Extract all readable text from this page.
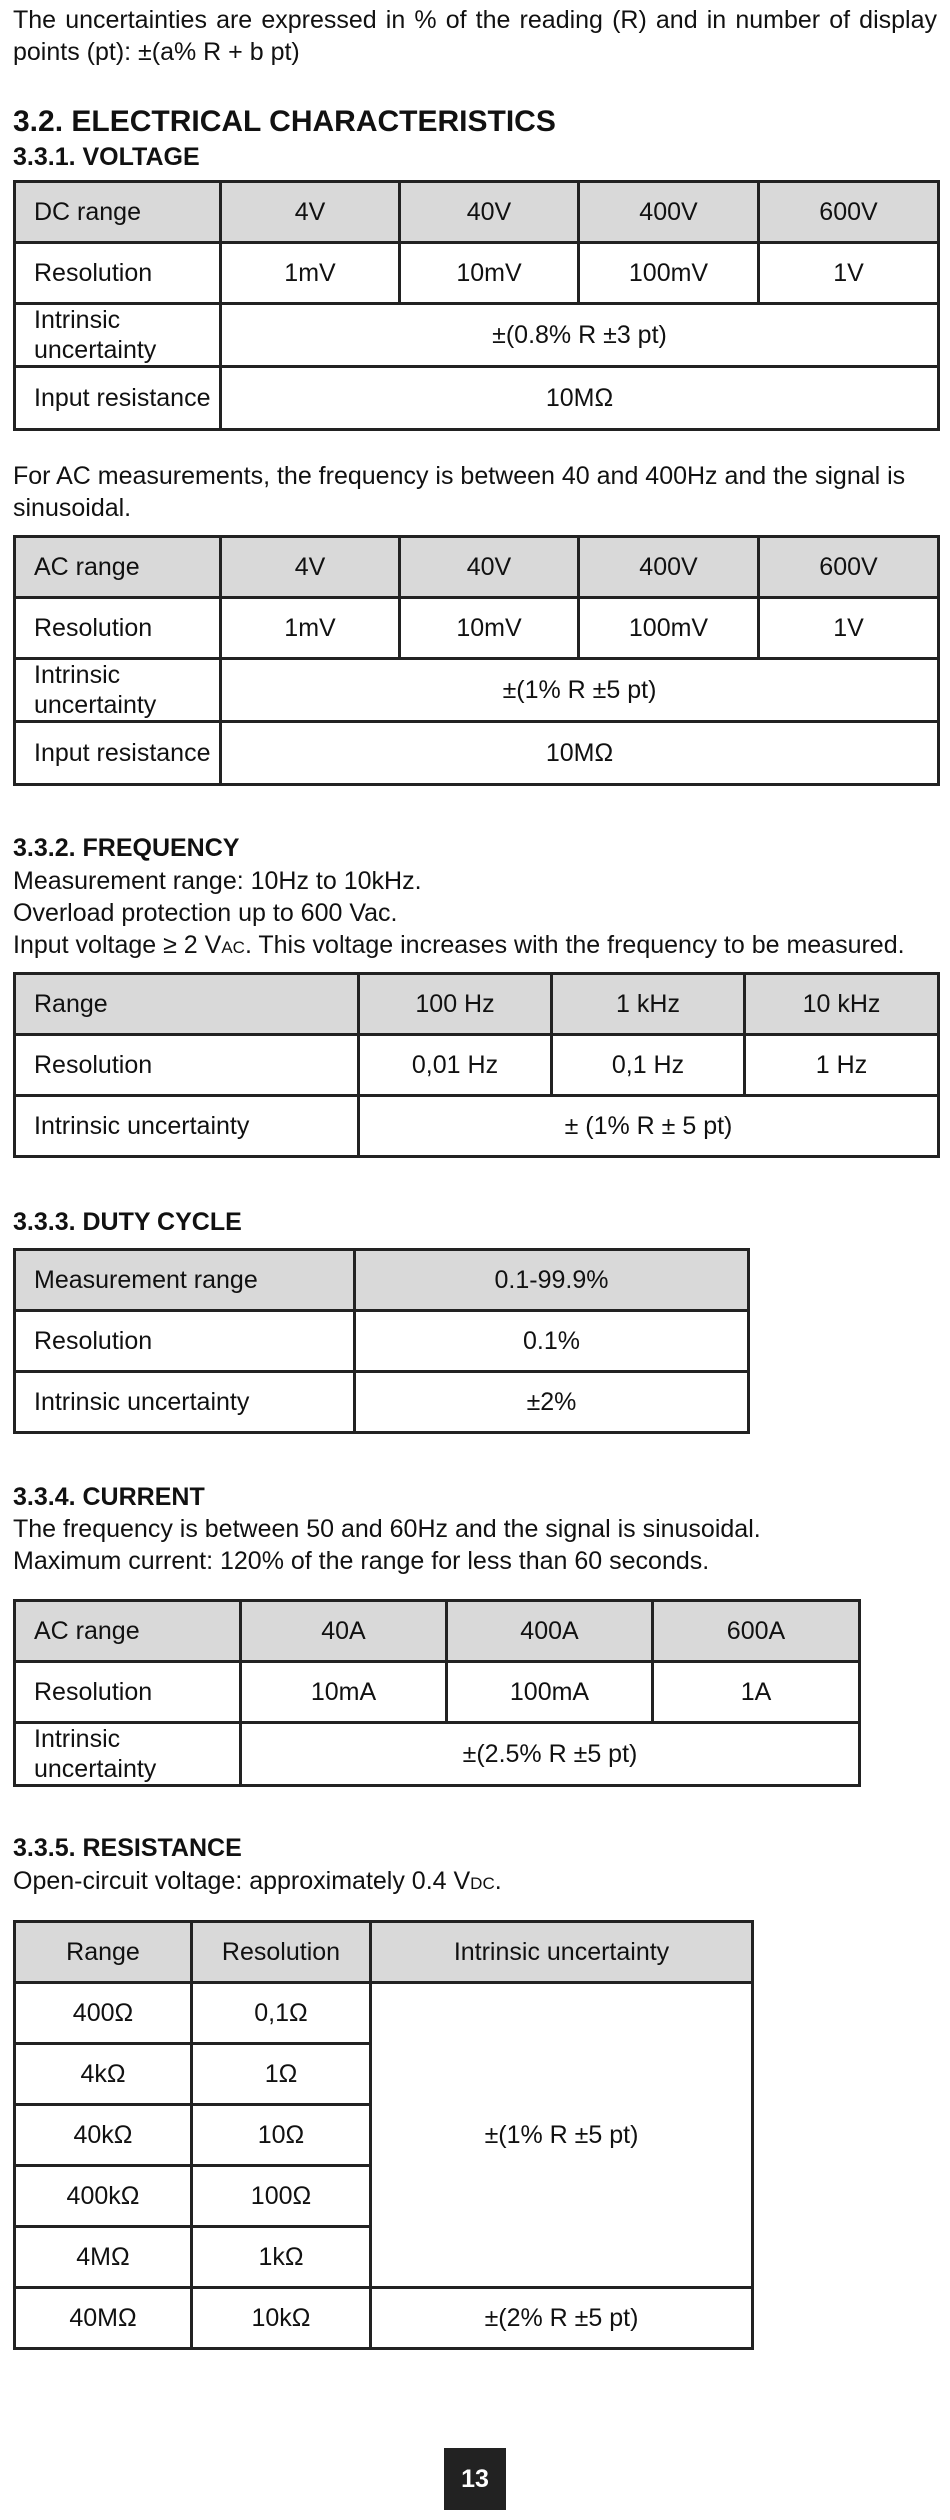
The uncertainties are expressed in % of the reading (R) and in number of display points (pt): ±(a% R + b pt)

3.2. ELECTRICAL CHARACTERISTICS
3.3.1. VOLTAGE
DC range	4V	40V	400V	600V
Resolution	1mV	10mV	100mV	1V
Intrinsic uncertainty	±(0.8% R ±3 pt)			
Input resistance	10MΩ			

For AC measurements, the frequency is between 40 and 400Hz and the signal is sinusoidal.

AC range	4V	40V	400V	600V
Resolution	1mV	10mV	100mV	1V
Intrinsic uncertainty	±(1% R ±5 pt)			
Input resistance	10MΩ			
3.3.2. FREQUENCY

Measurement range: 10Hz to 10kHz.

Overload protection up to 600 Vac.

Input voltage ≥ 2 VAC. This voltage increases with the frequency to be measured.

Range	100 Hz	1 kHz	10 kHz
Resolution	0,01 Hz	0,1 Hz	1 Hz
Intrinsic uncertainty	± (1% R ± 5 pt)		
3.3.3. DUTY CYCLE
Measurement range	0.1-99.9%
Resolution	0.1%
Intrinsic uncertainty	±2%
3.3.4. CURRENT

The frequency is between 50 and 60Hz and the signal is sinusoidal.

Maximum current: 120% of the range for less than 60 seconds.

AC range	40A	400A	600A
Resolution	10mA	100mA	1A
Intrinsic uncertainty	±(2.5% R ±5 pt)		
3.3.5. RESISTANCE

Open-circuit voltage: approximately 0.4 VDC.

Range	Resolution	Intrinsic uncertainty
400Ω	0,1Ω	±(1% R ±5 pt)
4kΩ	1Ω	
40kΩ	10Ω	
400kΩ	100Ω	
4MΩ	1kΩ	
40MΩ	10kΩ	±(2% R ±5 pt)
13
